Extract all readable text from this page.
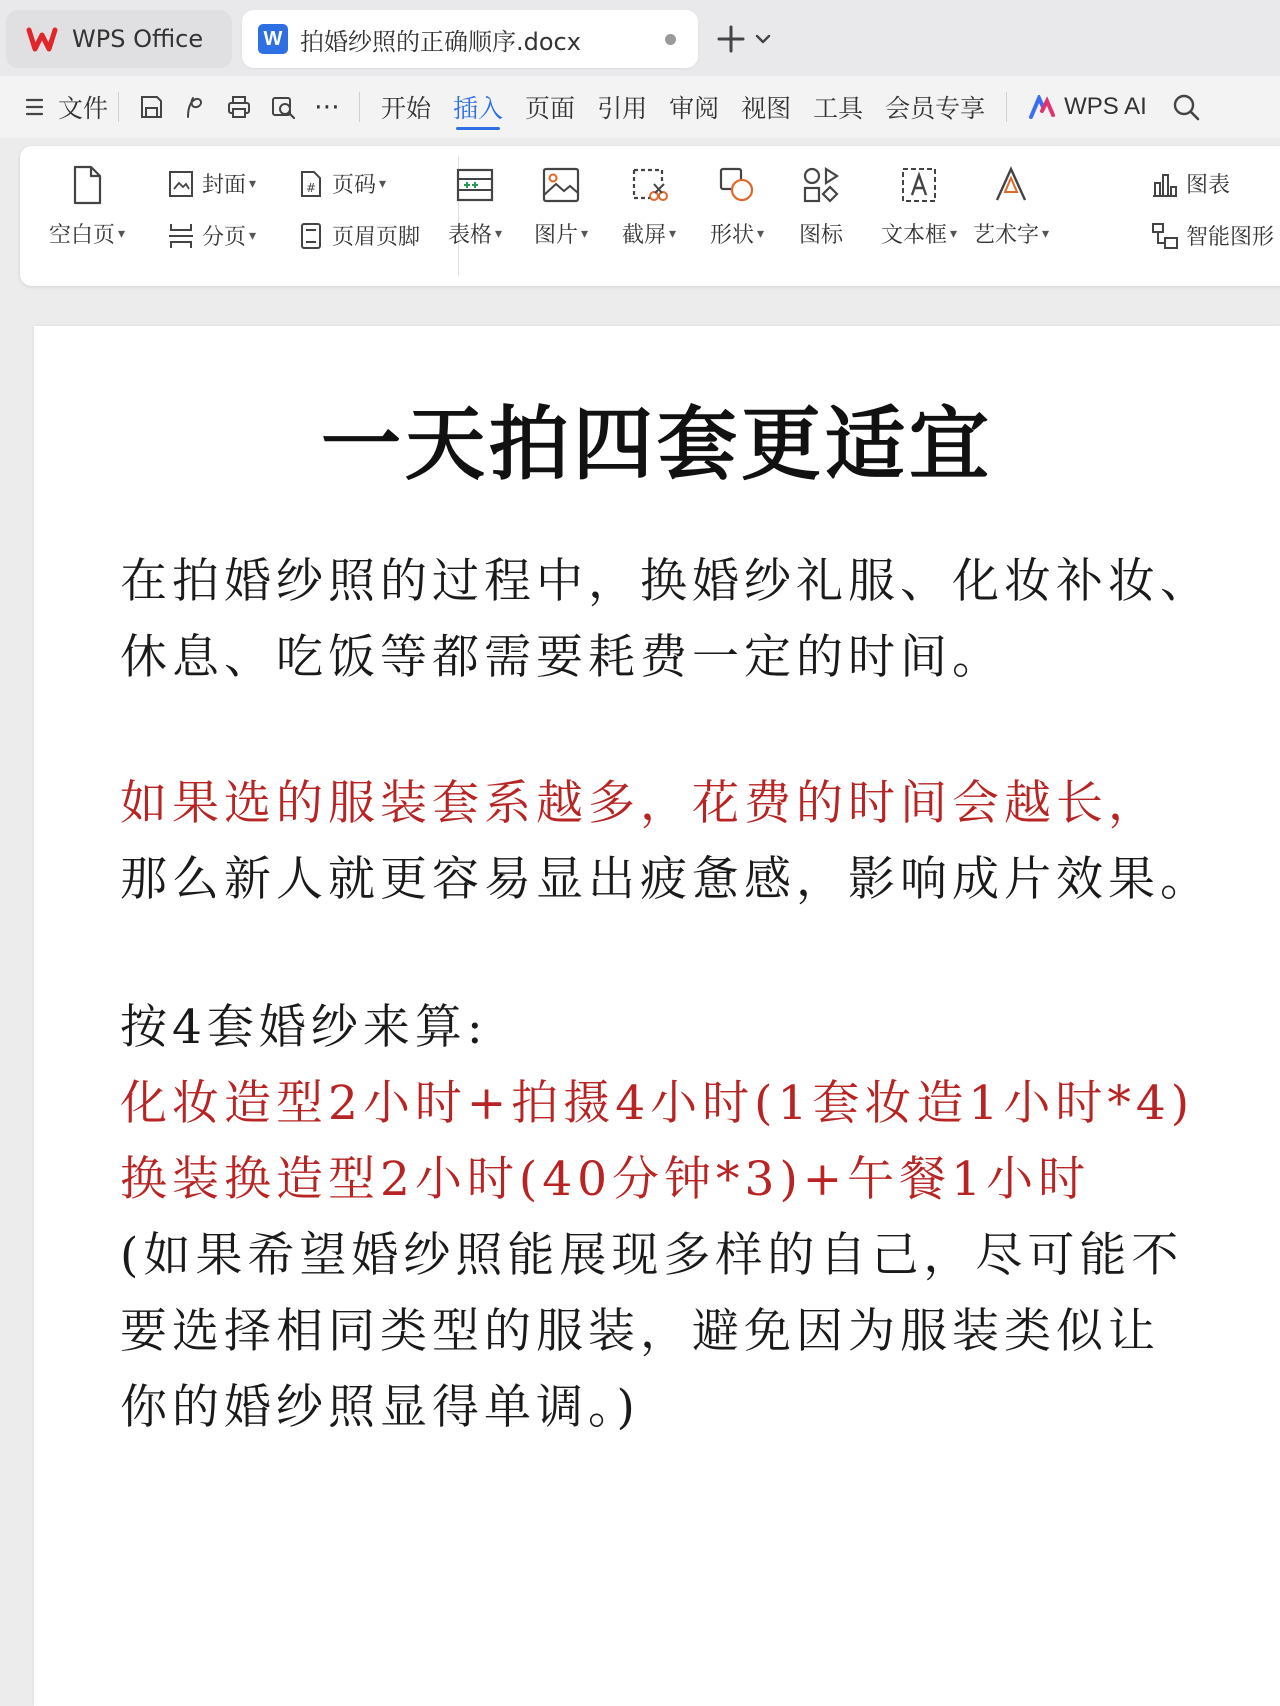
WPS Office	W 拍婚纱照的正确顺序.docx
文件	⋯	开始 插入 页面 引用 审阅 视图 工具 会员专享	WPS AI
空白页 ▾
封面 ▾
分页 ▾
# 页码 ▾
页眉页脚 表格 ▾ 图片 ▾ 截屏 ▾ 形状 ▾ 图标 文本框 ▾ 艺术字 ▾
图表
智能图形
一天拍四套更适宜
在拍婚纱照的过程中，换婚纱礼服、化妆补妆、
休息、吃饭等都需要耗费一定的时间。
如果选的服装套系越多，花费的时间会越长，
那么新人就更容易显出疲惫感，影响成片效果。
按4套婚纱来算:
化妆造型2小时+拍摄4小时(1套妆造1小时*4)
换装换造型2小时(40分钟*3)+午餐1小时
(如果希望婚纱照能展现多样的自己，尽可能不
要选择相同类型的服装，避免因为服装类似让
你的婚纱照显得单调。)
